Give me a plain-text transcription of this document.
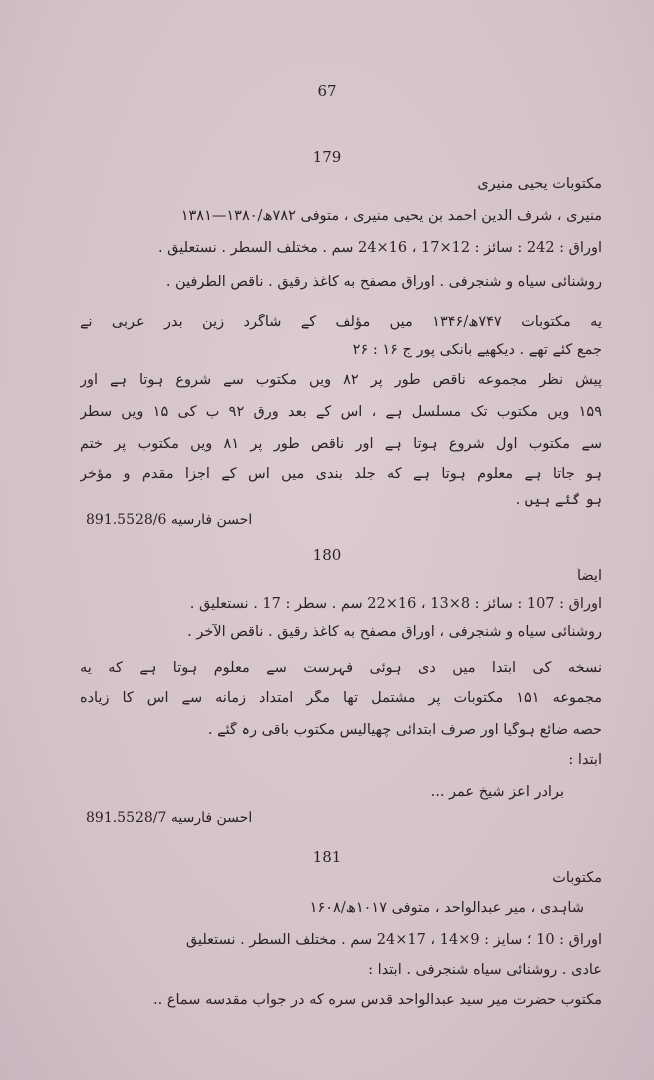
67
179
مکتوبات یحیی منیری
منیری ، شرف الدین احمد بن یحیی منیری ، متوفی ۷۸۲ھ/۱۳۸۰—۱۳۸۱
اوراق : 242 : سائز : 12×17 ، 16×24 سم . مختلف السطر . نستعلیق .
روشنائی سیاه و شنجرفی . اوراق مصفح به کاغذ رقیق . ناقص الطرفین .
یه مکتوبات ۷۴۷ھ/۱۳۴۶ میں مؤلف کے شاگرد زین بدر عربی نے
جمع کئے تھے . دیکھیے بانکی پور ج ۱۶ : ۲۶
پیش نظر مجموعه ناقص طور پر ۸۲ ویں مکتوب سے شروع ہوتا ہے اور
۱۵۹ ویں مکتوب تک مسلسل ہے ، اس کے بعد ورق ۹۲ ب کی ۱۵ ویں سطر
سے مکتوب اول شروع ہوتا ہے اور ناقص طور پر ۸۱ ویں مکتوب پر ختم
ہو جاتا ہے معلوم ہوتا ہے که جلد بندی میں اس کے اجزا مقدم و مؤخر
ہو گئے ہیں .
احسن فارسیه 891.5528/6
180
ایضاً
اوراق : 107 : سائز : 8×13 ، 16×22 سم . سطر : 17 . نستعلیق .
روشنائی سیاه و شنجرفی ، اوراق مصفح به کاغذ رقیق . ناقص الآخر .
نسخه کی ابتدا میں دی ہوئی فہرست سے معلوم ہوتا ہے که یه
مجموعه ۱۵۱ مکتوبات پر مشتمل تھا مگر امتداد زمانه سے اس کا زیاده
حصه ضائع ہوگیا اور صرف ابتدائی چھیالیس مکتوب باقی رہ گئے .
ابتدا :
برادر اعز شیخ عمر ...
احسن فارسیه 891.5528/7
181
مکتوبات
شاہدی ، میر عبدالواحد ، متوفی ۱۰۱۷ھ/۱۶۰۸
اوراق : 10 ؛ سایز : 9×14 ، 17×24 سم . مختلف السطر . نستعلیق
عادی . روشنائی سیاه شنجرفی . ابتدا :
مکتوب حضرت میر سید عبدالواحد قدس سره که در جواب مقدسه سماع ..
